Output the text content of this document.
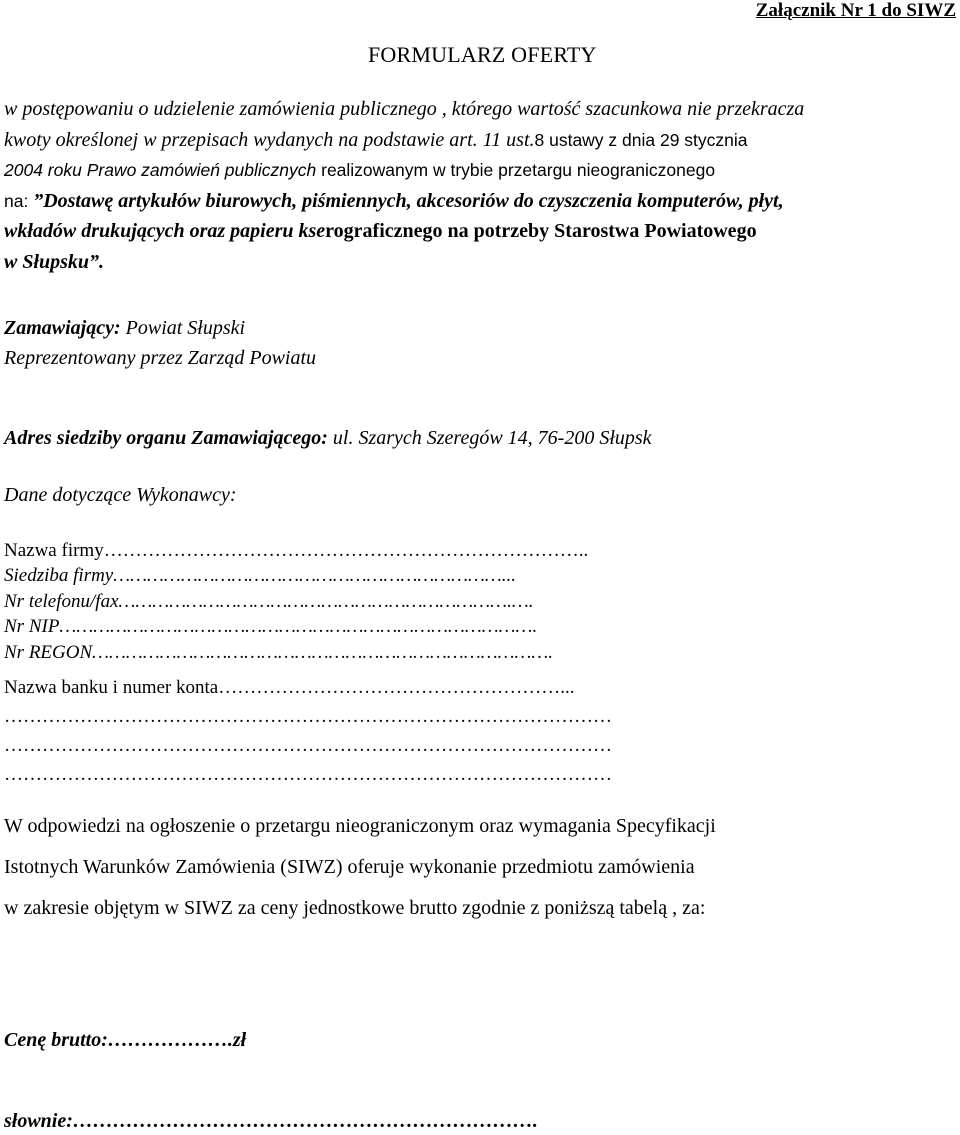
Załącznik Nr 1 do SIWZ
FORMULARZ OFERTY
w postępowaniu o udzielenie zamówienia publicznego , którego wartość szacunkowa nie przekracza
kwoty określonej w przepisach wydanych na podstawie art. 11 ust.8 ustawy z dnia 29 stycznia
2004 roku Prawo zamówień publicznych realizowanym w trybie przetargu nieograniczonego
na: ”Dostawę artykułów biurowych, piśmiennych, akcesoriów do czyszczenia komputerów, płyt,
wkładów drukujących oraz papieru kserograficznego na potrzeby Starostwa Powiatowego
w Słupsku”.
Zamawiający: Powiat Słupski
Reprezentowany przez Zarząd Powiatu
Adres siedziby organu Zamawiającego: ul. Szarych Szeregów 14, 76-200 Słupsk
Dane dotyczące Wykonawcy:
Nazwa firmy…………………………………………………………………..
Siedziba firmy……………………………………………………………...
Nr telefonu/fax…………………………………………………………….….
Nr NIP………………………………………………………………………….
Nr REGON……………………………………………………………………….
Nazwa banku i numer konta………………………………………………...
……………………………………………………………………………………
……………………………………………………………………………………
……………………………………………………………………………………
W odpowiedzi na ogłoszenie o przetargu nieograniczonym oraz wymagania Specyfikacji
Istotnych Warunków Zamówienia (SIWZ) oferuje wykonanie przedmiotu zamówienia
w zakresie objętym w SIWZ za ceny jednostkowe brutto zgodnie z poniższą tabelą , za:
Cenę brutto:……………….zł
słownie:…………………………………………………………….
